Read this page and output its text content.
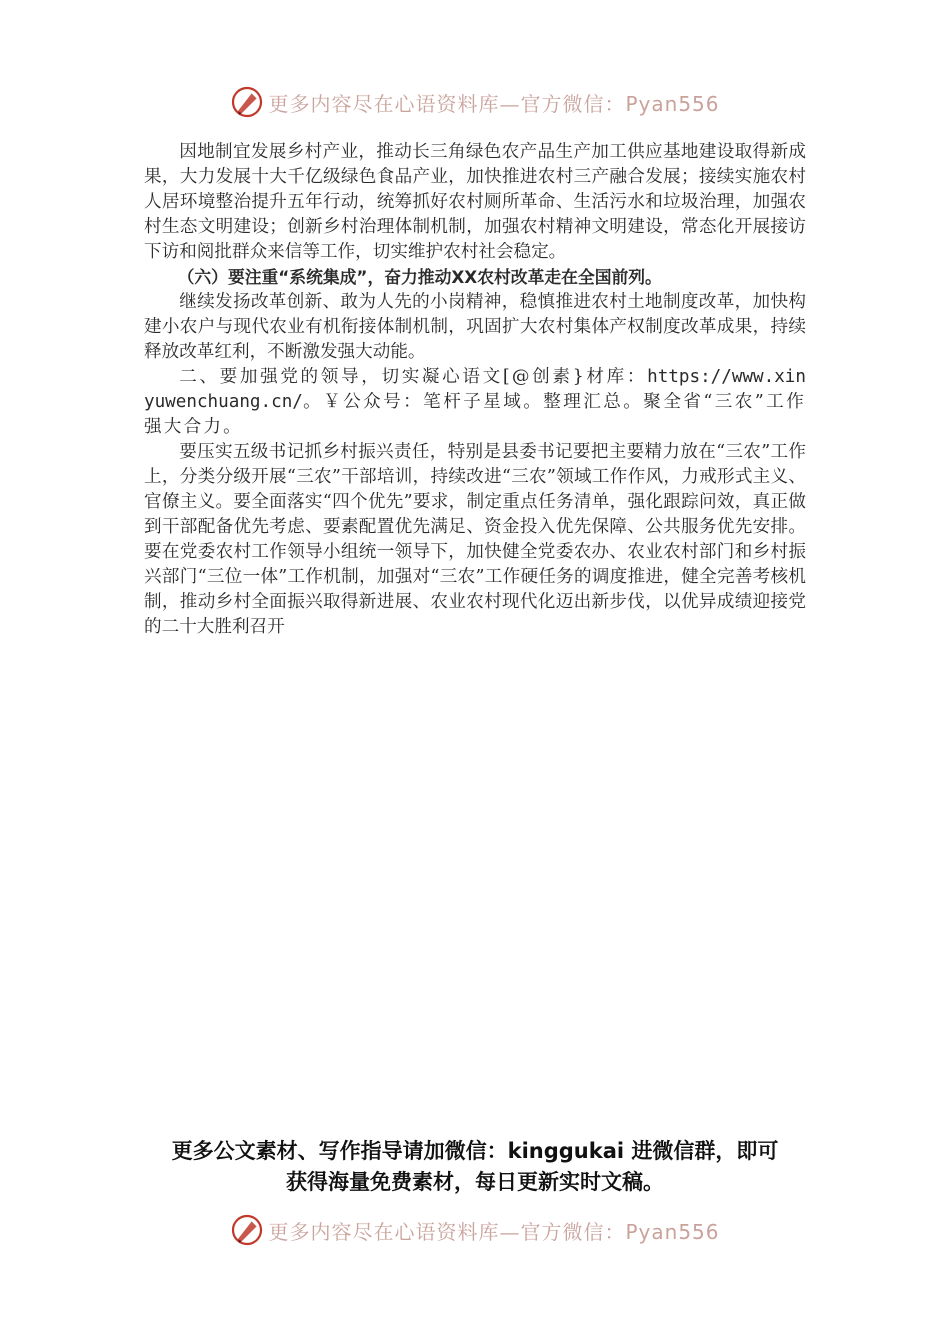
更多内容尽在心语资料库—官方微信：Pyan556

因地制宜发展乡村产业，推动长三角绿色农产品生产加工供应基地建设取得新成果，大力发展十大千亿级绿色食品产业，加快推进农村三产融合发展；接续实施农村人居环境整治提升五年行动，统筹抓好农村厕所革命、生活污水和垃圾治理，加强农村生态文明建设；创新乡村治理体制机制，加强农村精神文明建设，常态化开展接访下访和阅批群众来信等工作，切实维护农村社会稳定。

（六）要注重“系统集成”，奋力推动XX农村改革走在全国前列。

继续发扬改革创新、敢为人先的小岗精神，稳慎推进农村土地制度改革，加快构建小农户与现代农业有机衔接体制机制，巩固扩大农村集体产权制度改革成果，持续释放改革红利，不断激发强大动能。

二、要加强党的领导，切实凝心语文[@创素}材库：https://www.xinyuwenchuang.cn/。￥公众号：笔杆子星域。整理汇总。聚全省“三农”工作强大合力。

要压实五级书记抓乡村振兴责任，特别是县委书记要把主要精力放在“三农”工作上，分类分级开展“三农”干部培训，持续改进“三农”领域工作作风，力戒形式主义、官僚主义。要全面落实“四个优先”要求，制定重点任务清单，强化跟踪问效，真正做到干部配备优先考虑、要素配置优先满足、资金投入优先保障、公共服务优先安排。要在党委农村工作领导小组统一领导下，加快健全党委农办、农业农村部门和乡村振兴部门“三位一体”工作机制，加强对“三农”工作硬任务的调度推进，健全完善考核机制，推动乡村全面振兴取得新进展、农业农村现代化迈出新步伐，以优异成绩迎接党的二十大胜利召开

更多公文素材、写作指导请加微信：kinggukai 进微信群，即可
获得海量免费素材，每日更新实时文稿。
更多内容尽在心语资料库—官方微信：Pyan556
